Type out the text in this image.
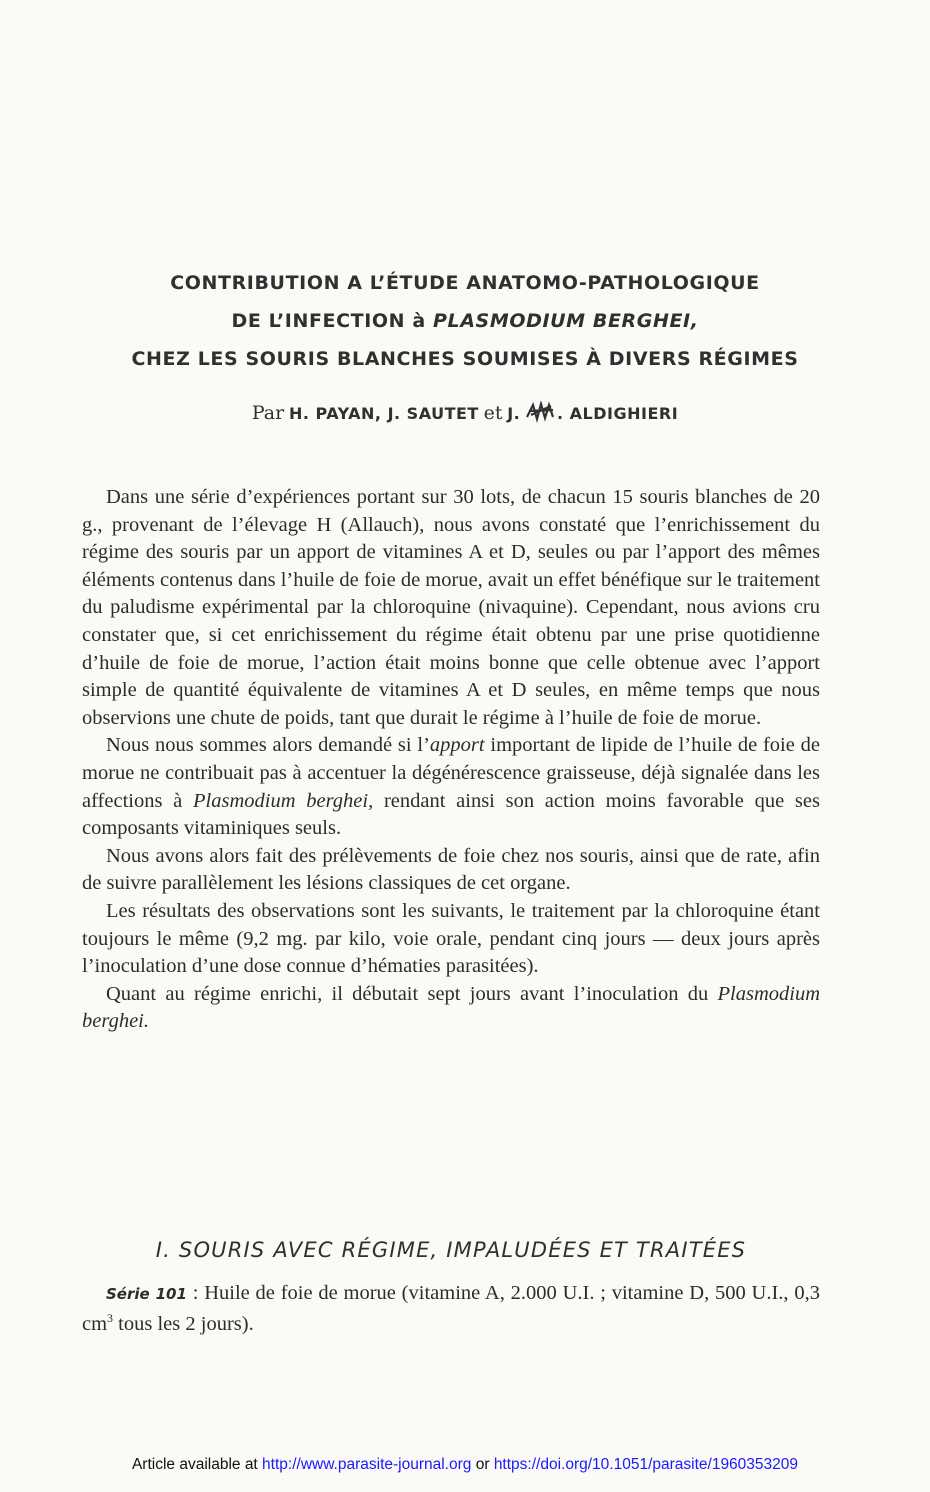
CONTRIBUTION A L’ÉTUDE ANATOMO-PATHOLOGIQUE
DE L’INFECTION à PLASMODIUM BERGHEI,
CHEZ LES SOURIS BLANCHES SOUMISES À DIVERS RÉGIMES
Par H. PAYAN, J. SAUTET et J. . ALDIGHIERI

Dans une série d’expériences portant sur 30 lots, de chacun 15 souris blanches de 20 g., provenant de l’élevage H (Allauch), nous avons constaté que l’enrichissement du régime des souris par un apport de vitamines A et D, seules ou par l’apport des mêmes éléments contenus dans l’huile de foie de morue, avait un effet bénéfique sur le traitement du paludisme expérimental par la chloroquine (nivaquine). Cependant, nous avions cru constater que, si cet enrichissement du régime était obtenu par une prise quotidienne d’huile de foie de morue, l’action était moins bonne que celle obtenue avec l’apport simple de quantité équivalente de vitamines A et D seules, en même temps que nous observions une chute de poids, tant que durait le régime à l’huile de foie de morue.

Nous nous sommes alors demandé si l’apport important de lipide de l’huile de foie de morue ne contribuait pas à accentuer la dégénérescence graisseuse, déjà signalée dans les affections à Plasmodium berghei, rendant ainsi son action moins favorable que ses composants vitaminiques seuls.

Nous avons alors fait des prélèvements de foie chez nos souris, ainsi que de rate, afin de suivre parallèlement les lésions classiques de cet organe.

Les résultats des observations sont les suivants, le traitement par la chloroquine étant toujours le même (9,2 mg. par kilo, voie orale, pendant cinq jours — deux jours après l’inoculation d’une dose connue d’hématies parasitées).

Quant au régime enrichi, il débutait sept jours avant l’inoculation du Plasmodium berghei.

I. SOURIS AVEC RÉGIME, IMPALUDÉES ET TRAITÉES

Série 101 : Huile de foie de morue (vitamine A, 2.000 U.I. ; vitamine D, 500 U.I., 0,3 $cm^3$ tous les 2 jours).

Article available at http://www.parasite-journal.org or https://doi.org/10.1051/parasite/1960353209
